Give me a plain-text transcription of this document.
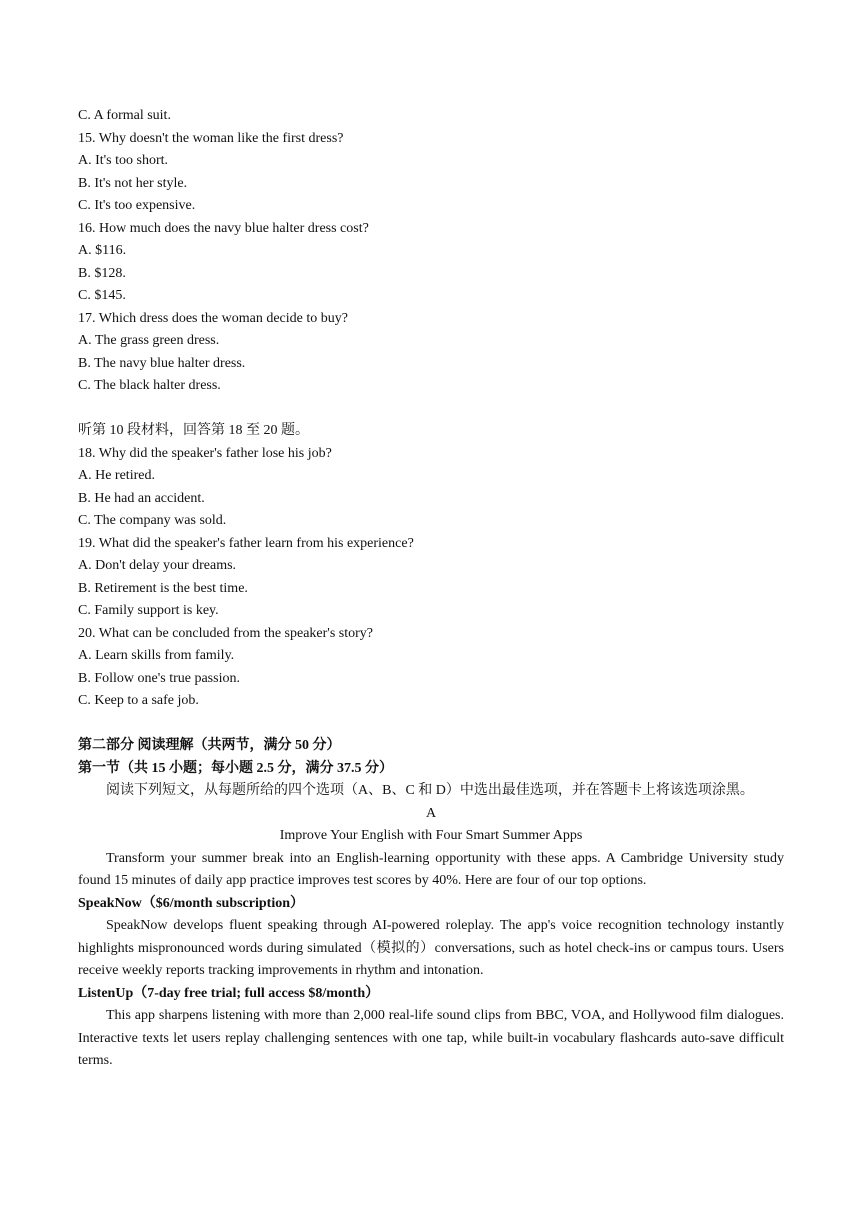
C. A formal suit.
15. Why doesn't the woman like the first dress?
A. It's too short.
B. It's not her style.
C. It's too expensive.
16. How much does the navy blue halter dress cost?
A. $116.
B. $128.
C. $145.
17. Which dress does the woman decide to buy?
A. The grass green dress.
B. The navy blue halter dress.
C. The black halter dress.
听第 10 段材料，回答第 18 至 20 题。
18. Why did the speaker's father lose his job?
A. He retired.
B. He had an accident.
C. The company was sold.
19. What did the speaker's father learn from his experience?
A. Don't delay your dreams.
B. Retirement is the best time.
C. Family support is key.
20. What can be concluded from the speaker's story?
A. Learn skills from family.
B. Follow one's true passion.
C. Keep to a safe job.
第二部分 阅读理解（共两节，满分 50 分）
第一节（共 15 小题；每小题 2.5 分，满分 37.5 分）
阅读下列短文，从每题所给的四个选项（A、B、C 和 D）中选出最佳选项，并在答题卡上将该选项涂黑。
A
Improve Your English with Four Smart Summer Apps
Transform your summer break into an English-learning opportunity with these apps. A Cambridge University study found 15 minutes of daily app practice improves test scores by 40%. Here are four of our top options.
SpeakNow（$6/month subscription）
SpeakNow develops fluent speaking through AI-powered roleplay. The app's voice recognition technology instantly highlights mispronounced words during simulated（模拟的）conversations, such as hotel check-ins or campus tours. Users receive weekly reports tracking improvements in rhythm and intonation.
ListenUp（7-day free trial; full access $8/month）
This app sharpens listening with more than 2,000 real-life sound clips from BBC, VOA, and Hollywood film dialogues. Interactive texts let users replay challenging sentences with one tap, while built-in vocabulary flashcards auto-save difficult terms.
